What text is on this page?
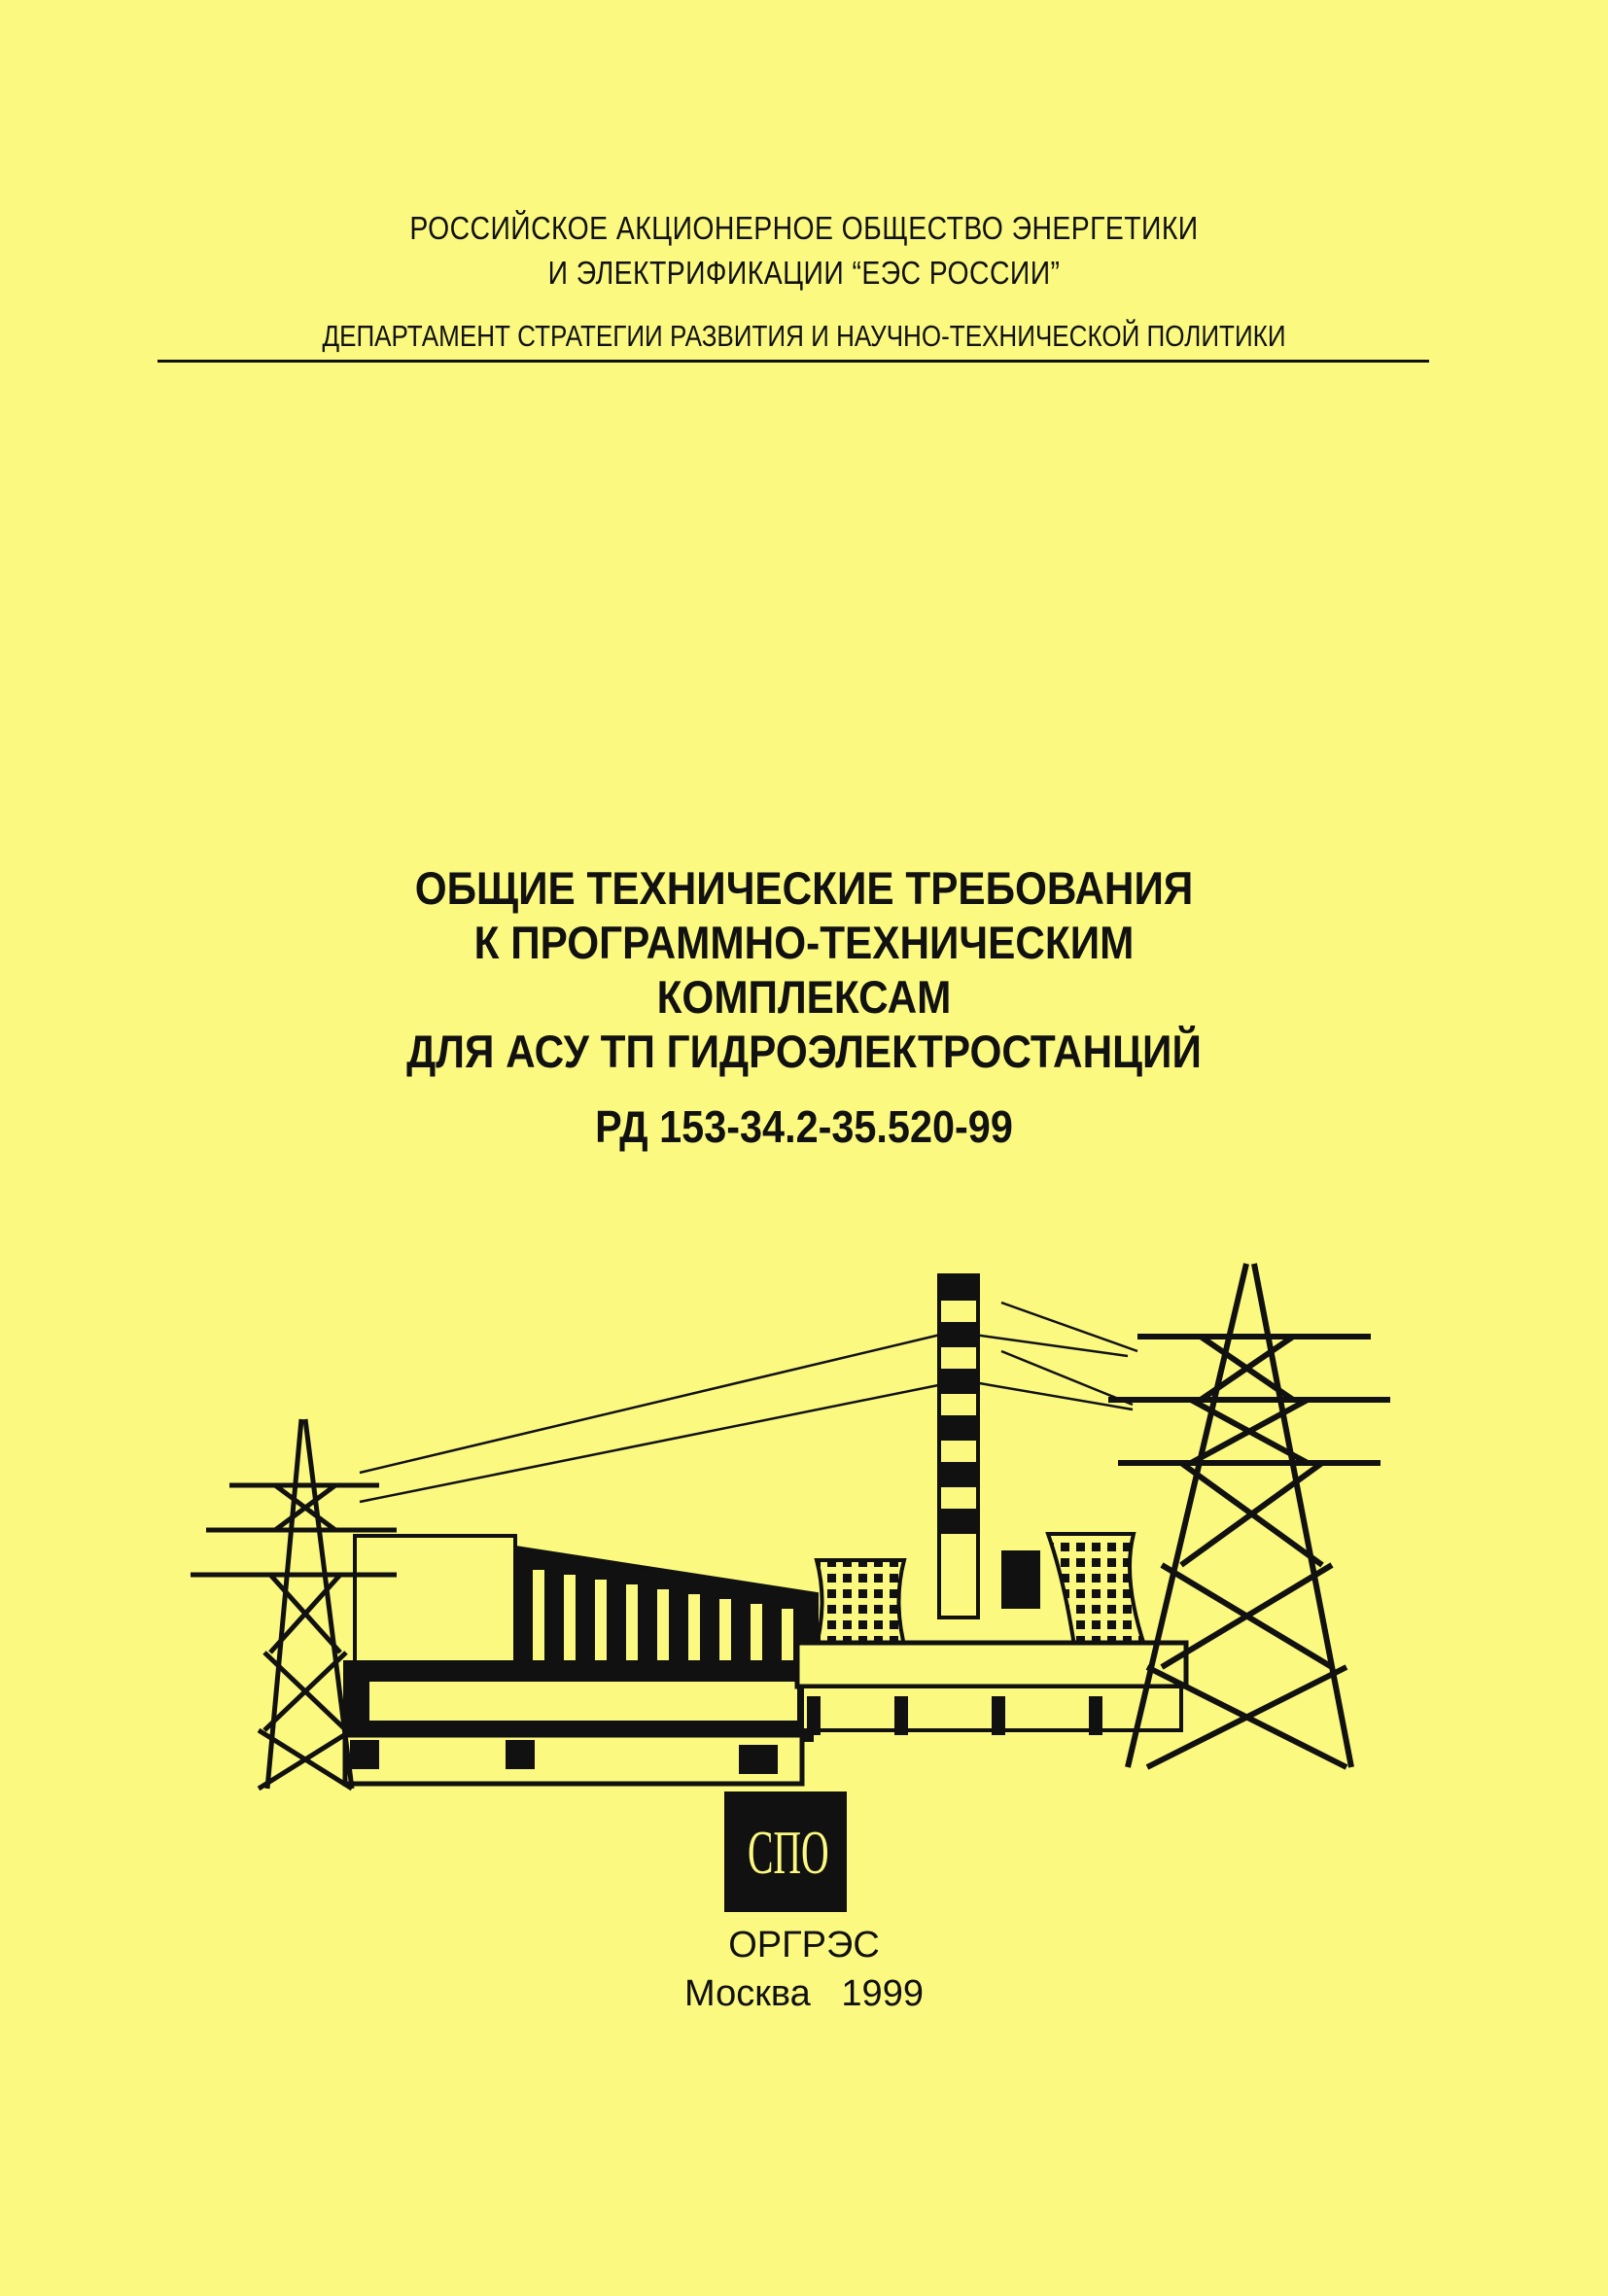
РОССИЙСКОЕ АКЦИОНЕРНОЕ ОБЩЕСТВО ЭНЕРГЕТИКИ
И ЭЛЕКТРИФИКАЦИИ “ЕЭС РОССИИ”
ДЕПАРТАМЕНТ СТРАТЕГИИ РАЗВИТИЯ И НАУЧНО-ТЕХНИЧЕСКОЙ ПОЛИТИКИ
ОБЩИЕ ТЕХНИЧЕСКИЕ ТРЕБОВАНИЯ
К ПРОГРАММНО-ТЕХНИЧЕСКИМ
КОМПЛЕКСАМ
ДЛЯ АСУ ТП ГИДРОЭЛЕКТРОСТАНЦИЙ
РД 153-34.2-35.520-99
СПО
ОРГРЭС
Москва   1999
